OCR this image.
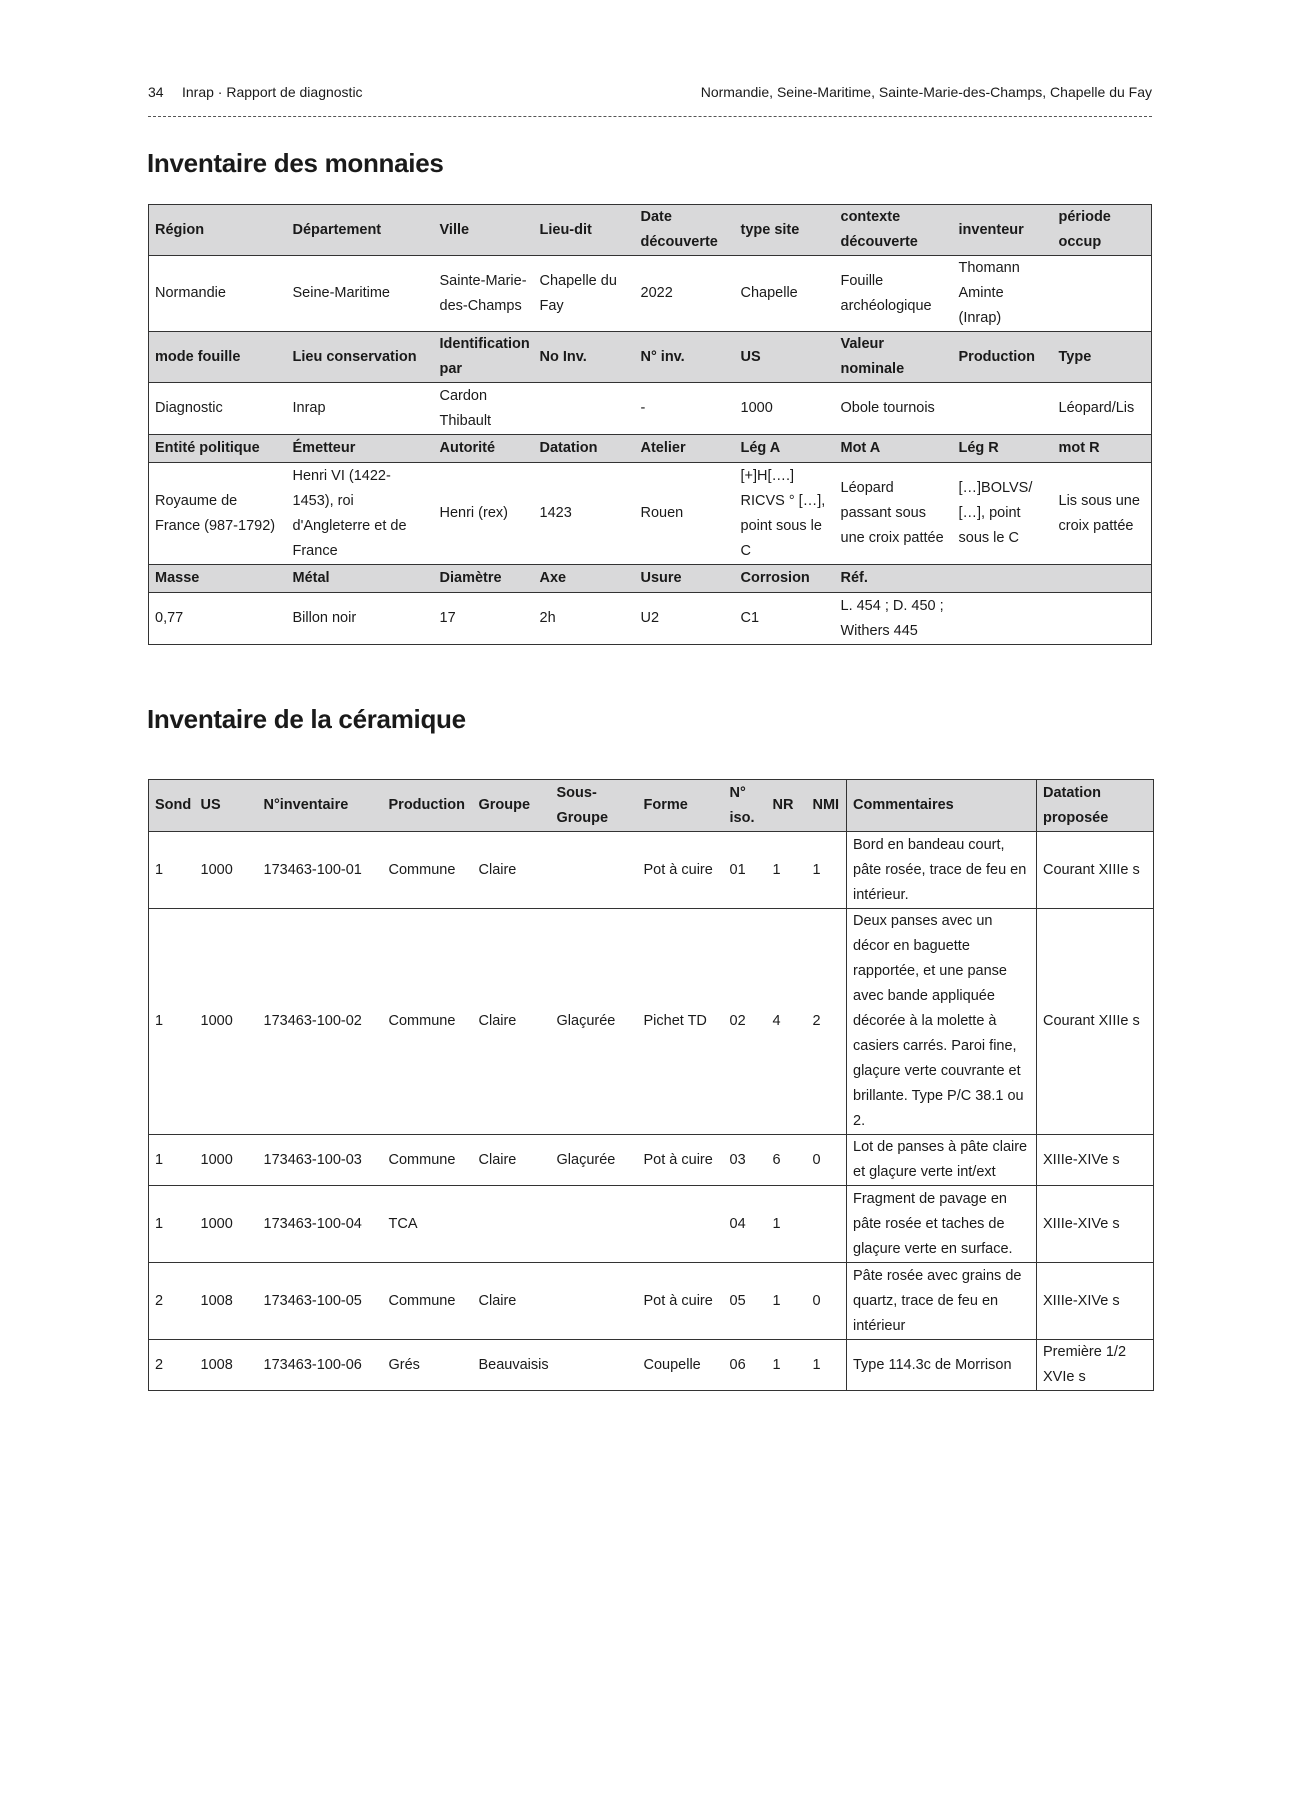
34 Inrap · Rapport de diagnostic	Normandie, Seine-Maritime, Sainte-Marie-des-Champs, Chapelle du Fay
Inventaire des monnaies
Région	Département	Ville	Lieu-dit	Date découverte	type site	contexte découverte	inventeur	période occup
Normandie	Seine-Maritime	Sainte-Marie-des-Champs	Chapelle du Fay	2022	Chapelle	Fouille archéologique	Thomann Aminte (Inrap)	
mode fouille	Lieu conservation	Identification par	No Inv.	N° inv.	US	Valeur nominale	Production	Type
Diagnostic	Inrap	Cardon Thibault		-	1000	Obole tournois		Léopard/Lis
Entité politique	Émetteur	Autorité	Datation	Atelier	Lég A	Mot A	Lég R	mot R
Royaume de France (987-1792)	Henri VI (1422-1453), roi d'Angleterre et de France	Henri (rex)	1423	Rouen	[+]H[….] RICVS ° […], point sous le C	Léopard passant sous une croix pattée	[…]BOLVS/ […], point sous le C	Lis sous une croix pattée
Masse	Métal	Diamètre	Axe	Usure	Corrosion	Réf.		
0,77	Billon noir	17	2h	U2	C1	L. 454 ; D. 450 ; Withers 445		
Inventaire de la céramique
Sond	US	N°inventaire	Production	Groupe	Sous-Groupe	Forme	N° iso.	NR	NMI	Commentaires	Datation proposée
1	1000	173463-100-01	Commune	Claire		Pot à cuire	01	1	1	Bord en bandeau court, pâte rosée, trace de feu en intérieur.	Courant XIIIe s
1	1000	173463-100-02	Commune	Claire	Glaçurée	Pichet TD	02	4	2	Deux panses avec un décor en baguette rapportée, et une panse avec bande appliquée décorée à la molette à casiers carrés. Paroi fine, glaçure verte couvrante et brillante. Type P/C 38.1 ou 2.	Courant XIIIe s
1	1000	173463-100-03	Commune	Claire	Glaçurée	Pot à cuire	03	6	0	Lot de panses à pâte claire et glaçure verte int/ext	XIIIe-XIVe s
1	1000	173463-100-04	TCA				04	1		Fragment de pavage en pâte rosée et taches de glaçure verte en surface.	XIIIe-XIVe s
2	1008	173463-100-05	Commune	Claire		Pot à cuire	05	1	0	Pâte rosée avec grains de quartz, trace de feu en intérieur	XIIIe-XIVe s
2	1008	173463-100-06	Grés	Beauvaisis		Coupelle	06	1	1	Type 114.3c de Morrison	Première 1/2 XVIe s
